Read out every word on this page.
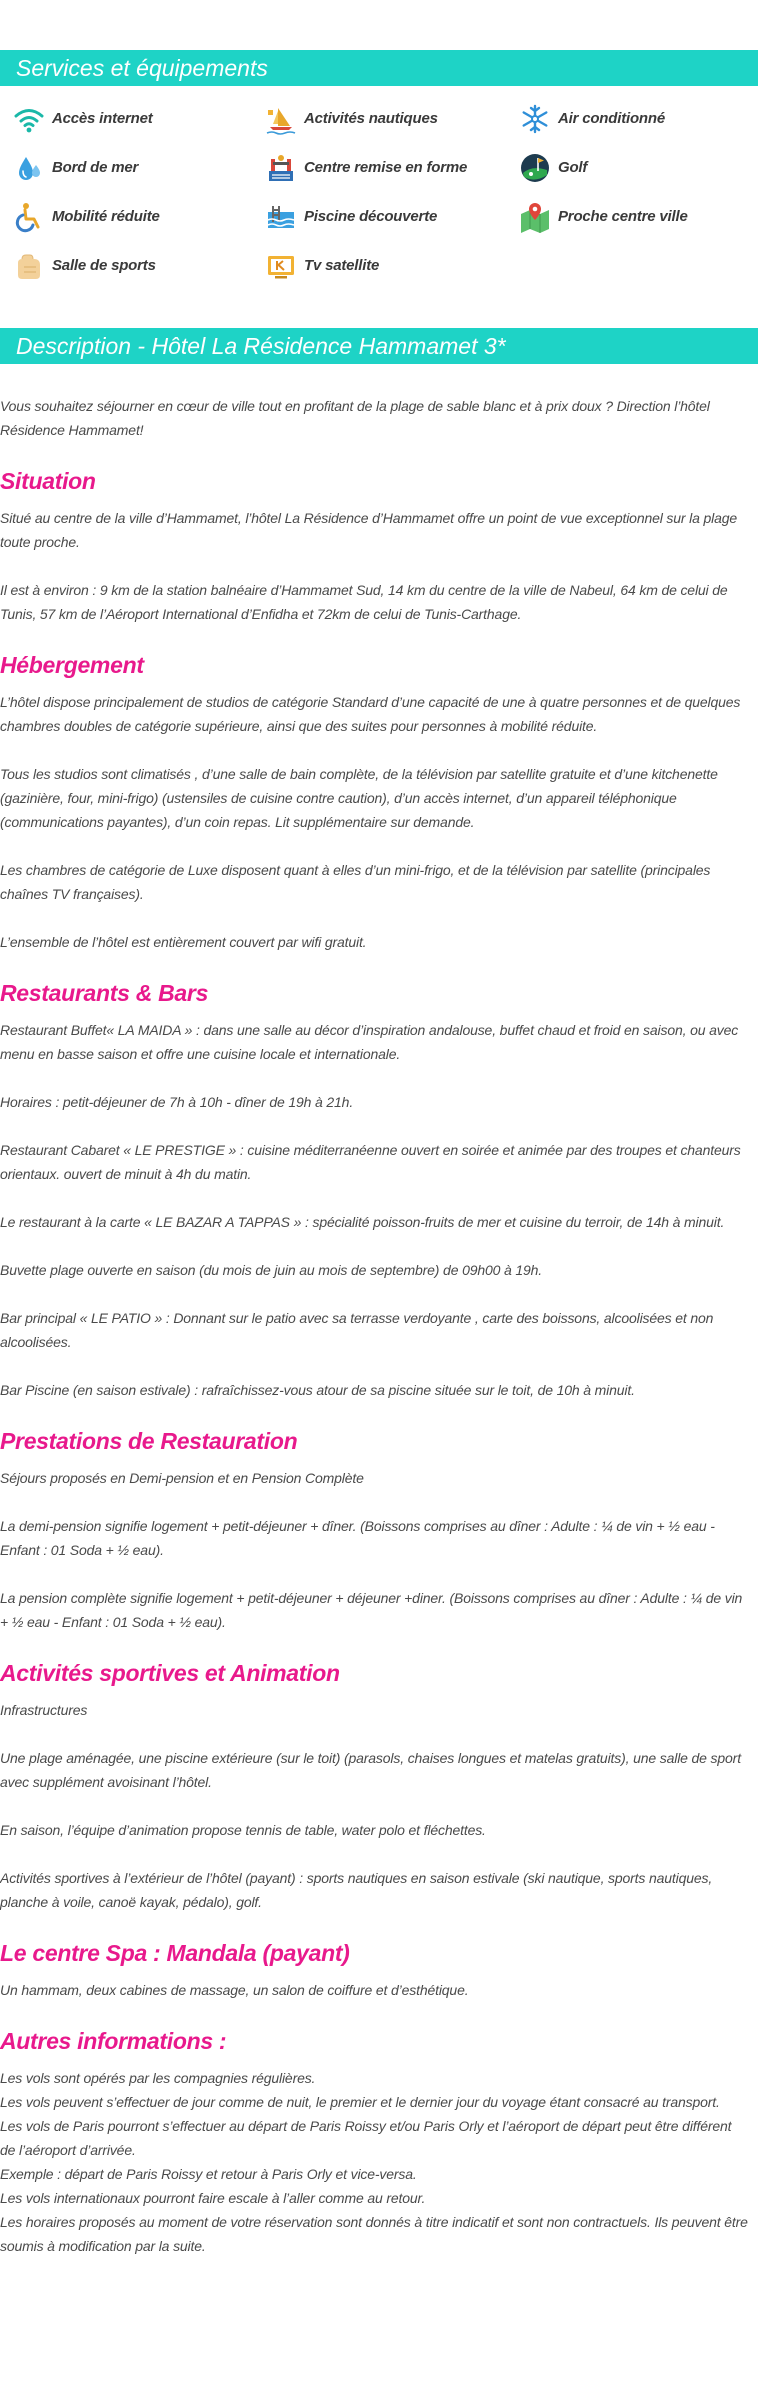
Services et équipements
Accès internet	Activités nautiques	Air conditionné
Bord de mer	Centre remise en forme	Golf
Mobilité réduite	Piscine découverte	Proche centre ville
Salle de sports	Tv satellite
Description - Hôtel La Résidence Hammamet 3*

Vous souhaitez séjourner en cœur de ville tout en profitant de la plage de sable blanc et à prix doux ? Direction l’hôtel Résidence Hammamet!

Situation

Situé au centre de la ville d’Hammamet, l’hôtel La Résidence d’Hammamet offre un point de vue exceptionnel sur la plage toute proche.

Il est à environ : 9 km de la station balnéaire d’Hammamet Sud, 14 km du centre de la ville de Nabeul, 64 km de celui de Tunis, 57 km de l’Aéroport International d’Enfidha et 72km de celui de Tunis-Carthage.

Hébergement

L’hôtel dispose principalement de studios de catégorie Standard d’une capacité de une à quatre personnes et de quelques chambres doubles de catégorie supérieure, ainsi que des suites pour personnes à mobilité réduite.

Tous les studios sont climatisés , d’une salle de bain complète, de la télévision par satellite gratuite et d’une kitchenette (gazinière, four, mini-frigo) (ustensiles de cuisine contre caution), d’un accès internet, d’un appareil téléphonique (communications payantes), d’un coin repas. Lit supplémentaire sur demande.

Les chambres de catégorie de Luxe disposent quant à elles d’un mini-frigo, et de la télévision par satellite (principales chaînes TV françaises).

L’ensemble de l’hôtel est entièrement couvert par wifi gratuit.

Restaurants & Bars

Restaurant Buffet« LA MAIDA » : dans une salle au décor d’inspiration andalouse, buffet chaud et froid en saison, ou avec menu en basse saison et offre une cuisine locale et internationale.

Horaires : petit-déjeuner de 7h à 10h - dîner de 19h à 21h.

Restaurant Cabaret « LE PRESTIGE » : cuisine méditerranéenne ouvert en soirée et animée par des troupes et chanteurs orientaux. ouvert de minuit à 4h du matin.

Le restaurant à la carte « LE BAZAR A TAPPAS » : spécialité poisson-fruits de mer et cuisine du terroir, de 14h à minuit.

Buvette plage ouverte en saison (du mois de juin au mois de septembre) de 09h00 à 19h.

Bar principal « LE PATIO » : Donnant sur le patio avec sa terrasse verdoyante , carte des boissons, alcoolisées et non alcoolisées.

Bar Piscine (en saison estivale) : rafraîchissez-vous atour de sa piscine située sur le toit, de 10h à minuit.

Prestations de Restauration

Séjours proposés en Demi-pension et en Pension Complète

La demi-pension signifie logement + petit-déjeuner + dîner. (Boissons comprises au dîner : Adulte : ¼ de vin + ½ eau - Enfant : 01 Soda + ½ eau).

La pension complète signifie logement + petit-déjeuner + déjeuner +diner. (Boissons comprises au dîner : Adulte : ¼ de vin + ½ eau - Enfant : 01 Soda + ½ eau).

Activités sportives et Animation

Infrastructures

Une plage aménagée, une piscine extérieure (sur le toit) (parasols, chaises longues et matelas gratuits), une salle de sport avec supplément avoisinant l’hôtel.

En saison, l’équipe d’animation propose tennis de table, water polo et fléchettes.

Activités sportives à l’extérieur de l’hôtel (payant) : sports nautiques en saison estivale (ski nautique, sports nautiques, planche à voile, canoë kayak, pédalo), golf.

Le centre Spa : Mandala (payant)

Un hammam, deux cabines de massage, un salon de coiffure et d’esthétique.

Autres informations :

Les vols sont opérés par les compagnies régulières.

Les vols peuvent s’effectuer de jour comme de nuit, le premier et le dernier jour du voyage étant consacré au transport.

Les vols de Paris pourront s’effectuer au départ de Paris Roissy et/ou Paris Orly et l’aéroport de départ peut être différent de l’aéroport d’arrivée.

Exemple : départ de Paris Roissy et retour à Paris Orly et vice-versa.

Les vols internationaux pourront faire escale à l’aller comme au retour.

Les horaires proposés au moment de votre réservation sont donnés à titre indicatif et sont non contractuels. Ils peuvent être soumis à modification par la suite.
